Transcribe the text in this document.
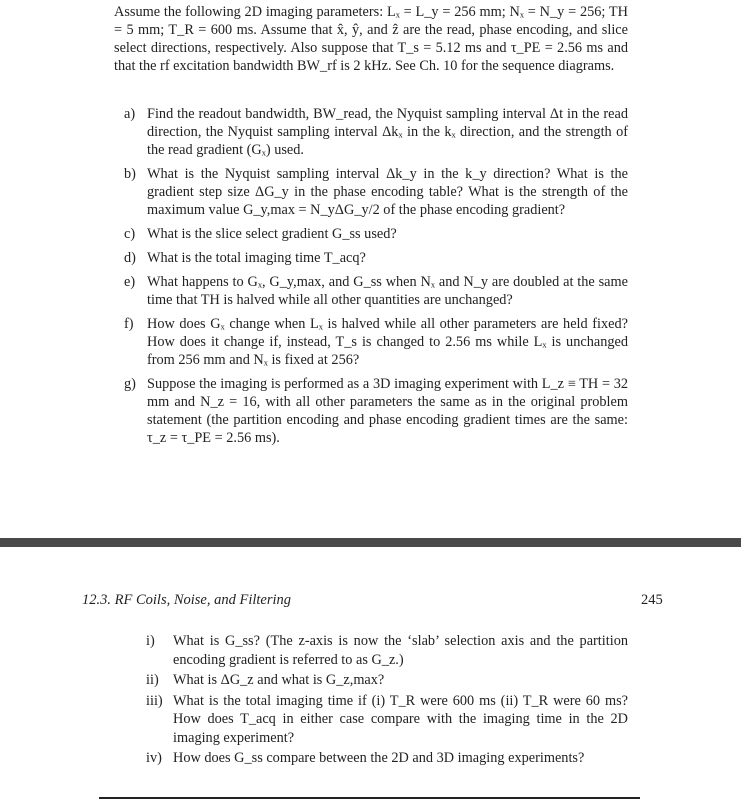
Assume the following 2D imaging parameters: Lₓ = L_y = 256 mm; Nₓ = N_y = 256; TH = 5 mm; T_R = 600 ms. Assume that x̂, ŷ, and ẑ are the read, phase encoding, and slice select directions, respectively. Also suppose that T_s = 5.12 ms and τ_PE = 2.56 ms and that the rf excitation bandwidth BW_rf is 2 kHz. See Ch. 10 for the sequence diagrams.

a) Find the readout bandwidth, BW_read, the Nyquist sampling interval Δt in the read direction, the Nyquist sampling interval Δkₓ in the kₓ direction, and the strength of the read gradient (Gₓ) used.
b) What is the Nyquist sampling interval Δk_y in the k_y direction? What is the gradient step size ΔG_y in the phase encoding table? What is the strength of the maximum value G_y,max = N_yΔG_y/2 of the phase encoding gradient?
c) What is the slice select gradient G_ss used?
d) What is the total imaging time T_acq?
e) What happens to Gₓ, G_y,max, and G_ss when Nₓ and N_y are doubled at the same time that TH is halved while all other quantities are unchanged?
f) How does Gₓ change when Lₓ is halved while all other parameters are held fixed? How does it change if, instead, T_s is changed to 2.56 ms while Lₓ is unchanged from 256 mm and Nₓ is fixed at 256?
g) Suppose the imaging is performed as a 3D imaging experiment with L_z ≡ TH = 32 mm and N_z = 16, with all other parameters the same as in the original problem statement (the partition encoding and phase encoding gradient times are the same: τ_z = τ_PE = 2.56 ms).
12.3. RF Coils, Noise, and Filtering	245
i) What is G_ss? (The z-axis is now the ‘slab’ selection axis and the partition encoding gradient is referred to as G_z.)
ii) What is ΔG_z and what is G_z,max?
iii) What is the total imaging time if (i) T_R were 600 ms (ii) T_R were 60 ms? How does T_acq in either case compare with the imaging time in the 2D imaging experiment?
iv) How does G_ss compare between the 2D and 3D imaging experiments?
